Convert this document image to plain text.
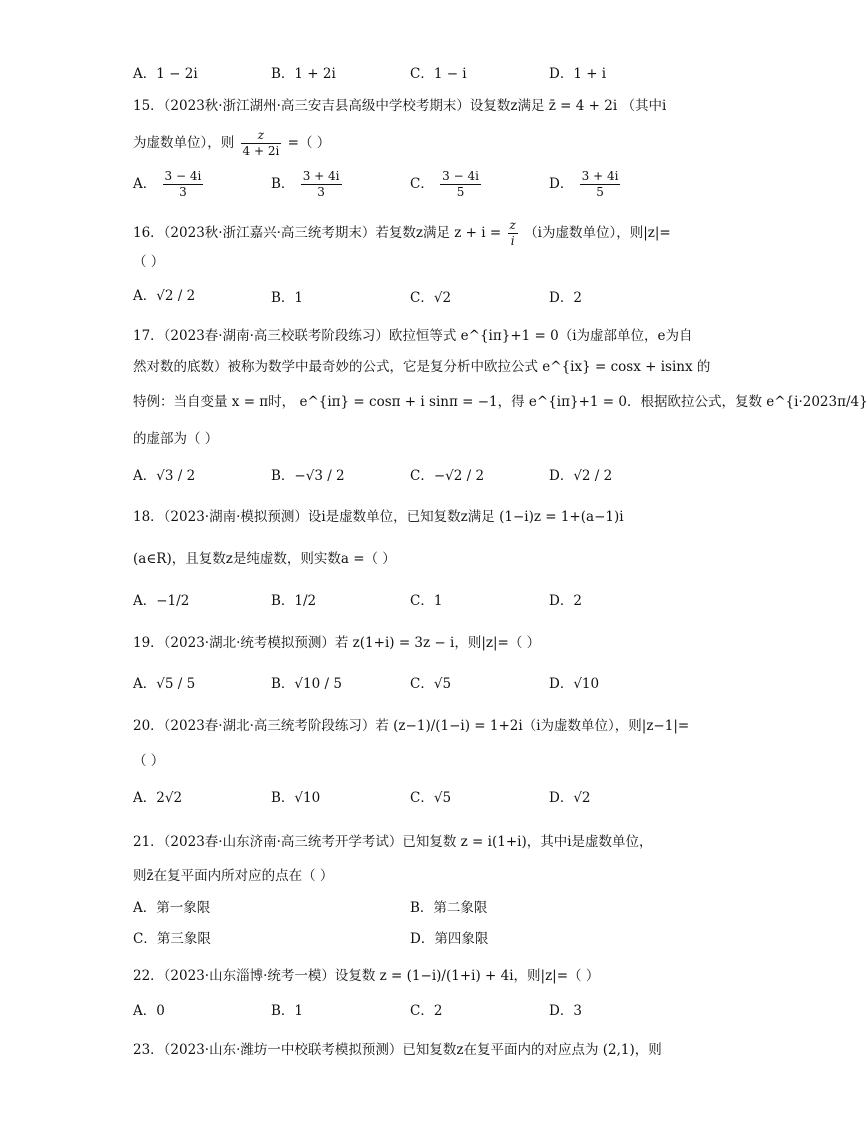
A．1 − 2i	B．1 + 2i	C．1 − i	D．1 + i
15．（2023秋·浙江湖州·高三安吉县高级中学校考期末）设复数z满足 z̄ = 4 + 2i （其中i
为虚数单位），则 $\frac{z}{4 + 2i}$ =（ ）
A． $\frac{3 - 4i}{3}$	B． $\frac{3 + 4i}{3}$	C． $\frac{3 - 4i}{5}$	D． $\frac{3 + 4i}{5}$
16．（2023秋·浙江嘉兴·高三统考期末）若复数z满足 $z + i = \frac{z}{i} (i$为虚数单位），则|z|=
（ ）
A．√2 / 2	B．1	C．√2	D．2
17．（2023春·湖南·高三校联考阶段练习）欧拉恒等式 e^{iπ}+1 = 0（i为虚部单位，e为自
然对数的底数）被称为数学中最奇妙的公式，它是复分析中欧拉公式 e^{ix} = cosx + isinx 的
特例：当自变量 x = π时， e^{iπ} = cosπ + i sinπ = −1，得 e^{iπ}+1 = 0．根据欧拉公式，复数 e^{i·2023π/4}
的虚部为（ ）
A．√3 / 2	B．−√3 / 2	C．−√2 / 2	D．√2 / 2
18．（2023·湖南·模拟预测）设i是虚数单位，已知复数z满足 (1−i)z = 1+(a−1)i
(a∈R)，且复数z是纯虚数，则实数a =（ ）
A．−1/2	B．1/2	C．1	D．2
19．（2023·湖北·统考模拟预测）若 z(1+i) = 3z − i，则|z|=（ ）
A．√5 / 5	B．√10 / 5	C．√5	D．√10
20．（2023春·湖北·高三统考阶段练习）若 (z−1)/(1−i) = 1+2i（i为虚数单位），则|z−1|=
（ ）
A．2√2	B．√10	C．√5	D．√2
21．（2023春·山东济南·高三统考开学考试）已知复数 z = i(1+i)，其中i是虚数单位，
则z̄在复平面内所对应的点在（ ）
A．第一象限	B．第二象限
C．第三象限	D．第四象限
22．（2023·山东淄博·统考一模）设复数 z = (1−i)/(1+i) + 4i，则|z|=（ ）
A．0	B．1	C．2	D．3
23．（2023·山东·潍坊一中校联考模拟预测）已知复数z在复平面内的对应点为 (2,1)，则
